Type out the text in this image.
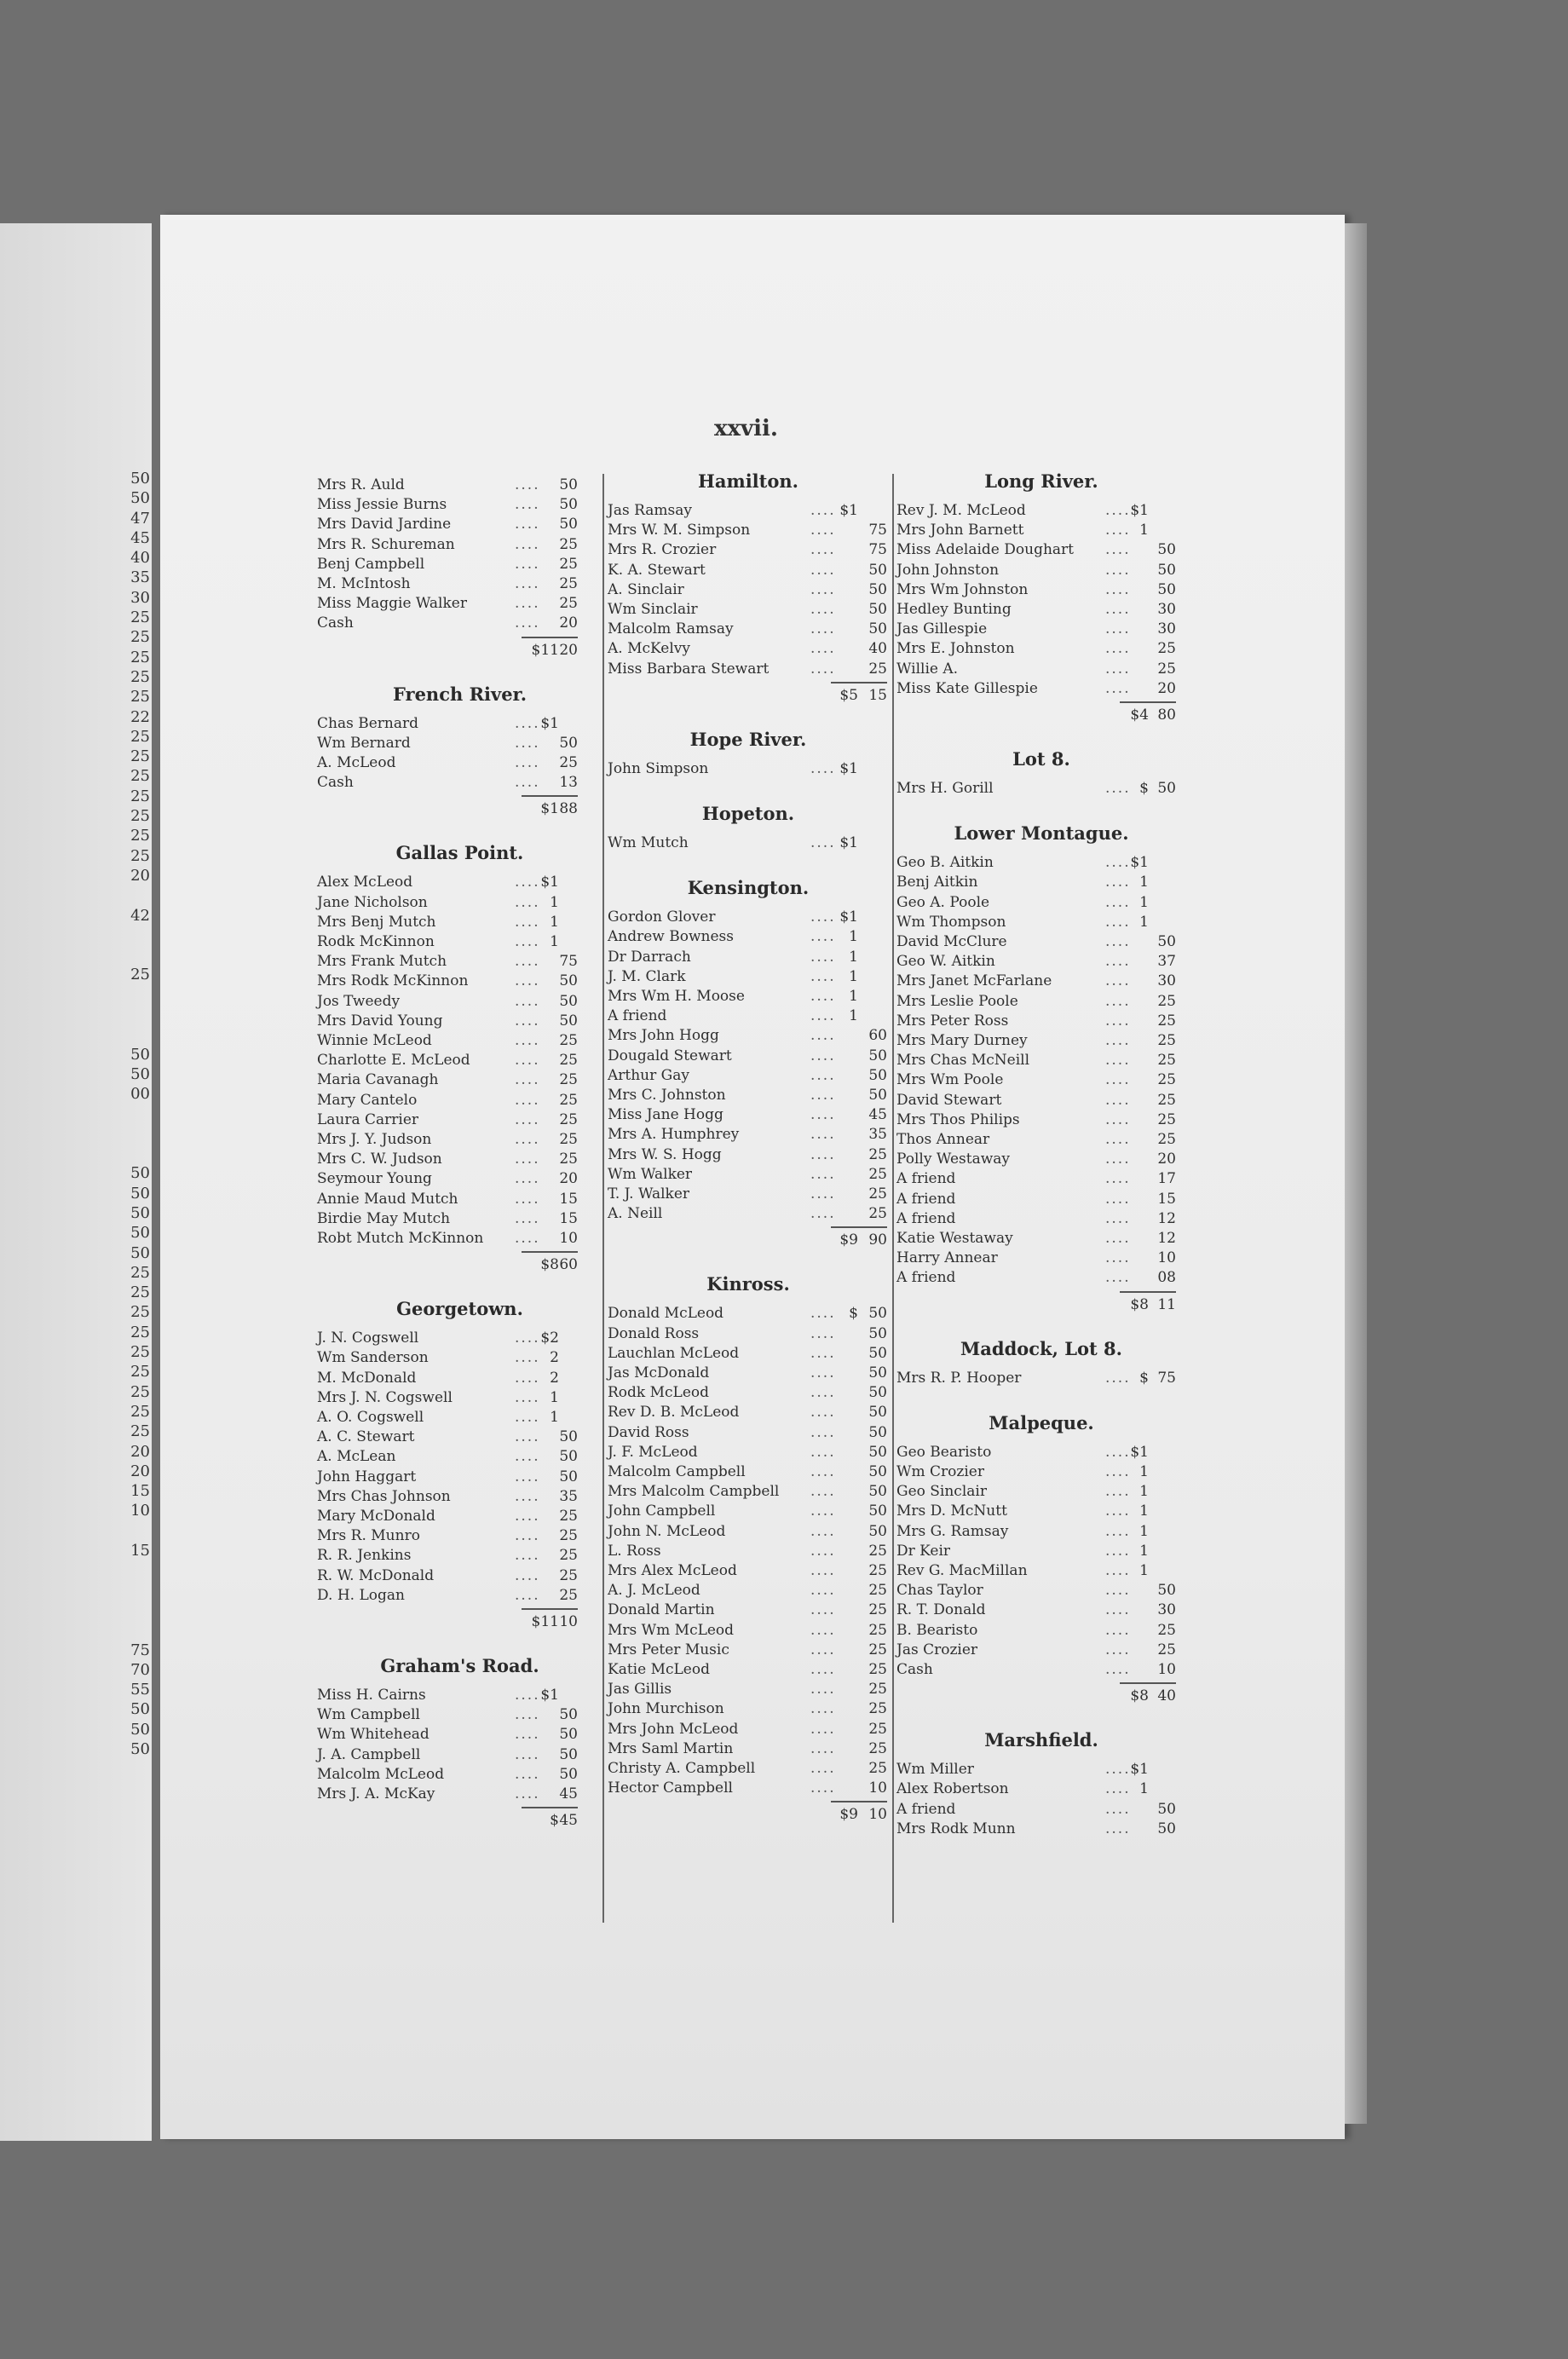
50
50
47
45
40
35
30
25
25
25
25
25
22
25
25
25
25
25
25
25
20

42

25

50
50
00

50
50
50
50
50
25
25
25
25
25
25
25
25
25
20
20
15
10

15

75
70
55
50
50
50
xxvii.
Mrs R. Auld	....	50
Miss Jessie Burns	....	50
Mrs David Jardine	....	50
Mrs R. Schureman	....	25
Benj Campbell	....	25
M. McIntosh	....	25
Miss Maggie Walker	....	25
Cash	....	20
$11 20
French River.
Chas Bernard	.... $1
Wm Bernard	....	50
A. McLeod	....	25
Cash	....	13
$1 88
Gallas Point.
Alex McLeod	.... $1
Jane Nicholson	.... 1
Mrs Benj Mutch	.... 1
Rodk McKinnon	.... 1
Mrs Frank Mutch	....	75
Mrs Rodk McKinnon	....	50
Jos Tweedy	....	50
Mrs David Young	....	50
Winnie McLeod	....	25
Charlotte E. McLeod	....	25
Maria Cavanagh	....	25
Mary Cantelo	....	25
Laura Carrier	....	25
Mrs J. Y. Judson	....	25
Mrs C. W. Judson	....	25
Seymour Young	....	20
Annie Maud Mutch	....	15
Birdie May Mutch	....	15
Robt Mutch McKinnon ....	10
$8 60
Georgetown.
J. N. Cogswell	.... $2
Wm Sanderson	.... 2
M. McDonald	.... 2
Mrs J. N. Cogswell	.... 1
A. O. Cogswell	.... 1
A. C. Stewart	....	50
A. McLean	....	50
John Haggart	....	50
Mrs Chas Johnson	....	35
Mary McDonald	....	25
Mrs R. Munro	....	25
R. R. Jenkins	....	25
R. W. McDonald	....	25
D. H. Logan	....	25
$11 10
Graham's Road.
Miss H. Cairns	.... $1
Wm Campbell	....	50
Wm Whitehead	....	50
J. A. Campbell	....	50
Malcolm McLeod	....	50
Mrs J. A. McKay	....	45
$ 45
Hamilton.
Jas Ramsay	.... $1
Mrs W. M. Simpson	....	75
Mrs R. Crozier	....	75
K. A. Stewart	....	50
A. Sinclair	....	50
Wm Sinclair	....	50
Malcolm Ramsay	....	50
A. McKelvy	....	40
Miss Barbara Stewart	....	25
$5 15
Hope River.
John Simpson	.... $1
Hopeton.
Wm Mutch	.... $1
Kensington.
Gordon Glover	.... $1
Andrew Bowness	.... 1
Dr Darrach	.... 1
J. M. Clark	.... 1
Mrs Wm H. Moose	.... 1
A friend	.... 1
Mrs John Hogg	....	60
Dougald Stewart	....	50
Arthur Gay	....	50
Mrs C. Johnston	....	50
Miss Jane Hogg	....	45
Mrs A. Humphrey	....	35
Mrs W. S. Hogg	....	25
Wm Walker	....	25
T. J. Walker	....	25
A. Neill	....	25
$9 90
Kinross.
Donald McLeod	.... $ 50
Donald Ross	....	50
Lauchlan McLeod	....	50
Jas McDonald	....	50
Rodk McLeod	....	50
Rev D. B. McLeod	....	50
David Ross	....	50
J. F. McLeod	....	50
Malcolm Campbell	....	50
Mrs Malcolm Campbell ....	50
John Campbell	....	50
John N. McLeod	....	50
L. Ross	....	25
Mrs Alex McLeod	....	25
A. J. McLeod	....	25
Donald Martin	....	25
Mrs Wm McLeod	....	25
Mrs Peter Music	....	25
Katie McLeod	....	25
Jas Gillis	....	25
John Murchison	....	25
Mrs John McLeod	....	25
Mrs Saml Martin	....	25
Christy A. Campbell	....	25
Hector Campbell	....	10
$9 10
Long River.
Rev J. M. McLeod	.... $1
Mrs John Barnett	.... 1
Miss Adelaide Doughart ....	50
John Johnston	....	50
Mrs Wm Johnston	....	50
Hedley Bunting	....	30
Jas Gillespie	....	30
Mrs E. Johnston	....	25
Willie A.	....	25
Miss Kate Gillespie	....	20
$4 80
Lot 8.
Mrs H. Gorill	.... $ 50
Lower Montague.
Geo B. Aitkin	.... $1
Benj Aitkin	.... 1
Geo A. Poole	.... 1
Wm Thompson	.... 1
David McClure	....	50
Geo W. Aitkin	....	37
Mrs Janet McFarlane	....	30
Mrs Leslie Poole	....	25
Mrs Peter Ross	....	25
Mrs Mary Durney	....	25
Mrs Chas McNeill	....	25
Mrs Wm Poole	....	25
David Stewart	....	25
Mrs Thos Philips	....	25
Thos Annear	....	25
Polly Westaway	....	20
A friend	....	17
A friend	....	15
A friend	....	12
Katie Westaway	....	12
Harry Annear	....	10
A friend	....	08
$8 11
Maddock, Lot 8.
Mrs R. P. Hooper	.... $ 75
Malpeque.
Geo Bearisto	.... $1
Wm Crozier	.... 1
Geo Sinclair	.... 1
Mrs D. McNutt	.... 1
Mrs G. Ramsay	.... 1
Dr Keir	.... 1
Rev G. MacMillan	.... 1
Chas Taylor	....	50
R. T. Donald	....	30
B. Bearisto	....	25
Jas Crozier	....	25
Cash	....	10
$8 40
Marshfield.
Wm Miller	.... $1
Alex Robertson	.... 1
A friend	....	50
Mrs Rodk Munn	....	50
